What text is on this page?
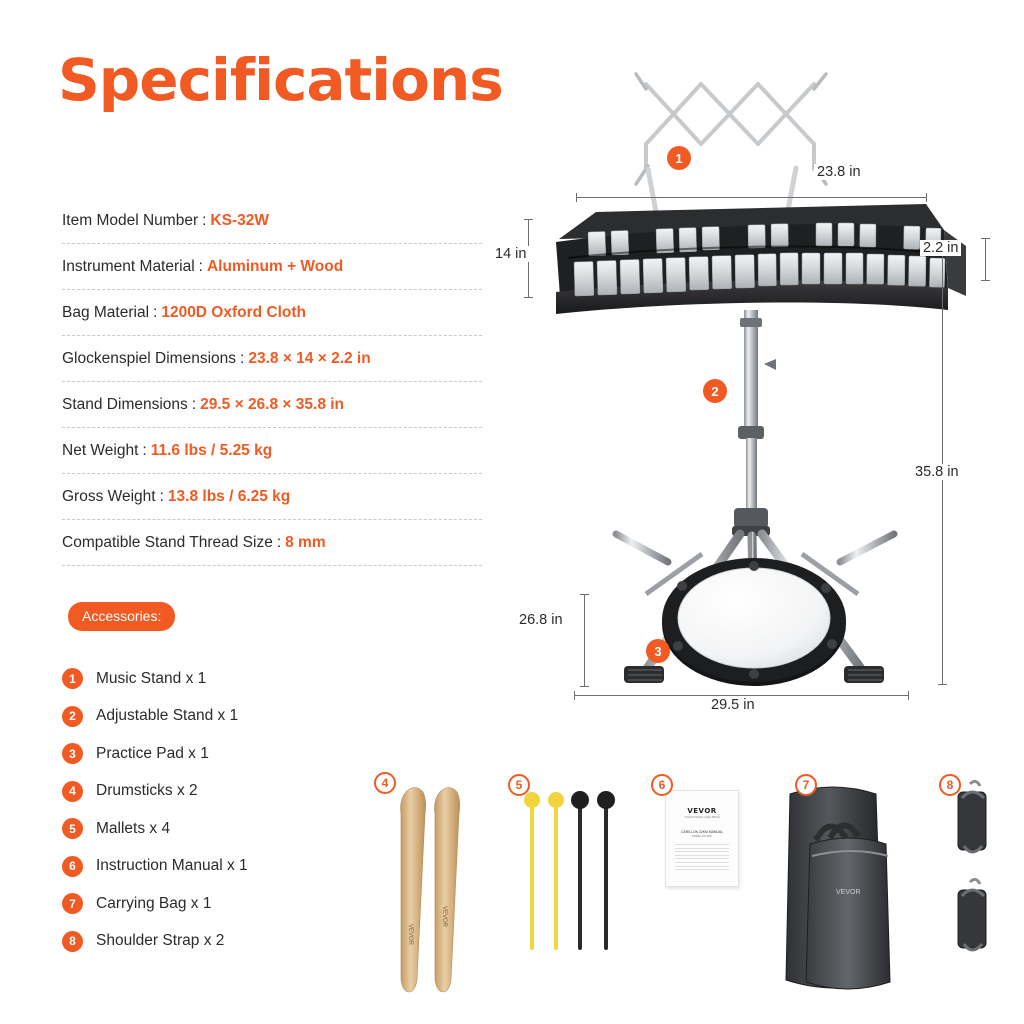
Specifications
Item Model Number : KS-32W
Instrument Material : Aluminum + Wood
Bag Material : 1200D Oxford Cloth
Glockenspiel Dimensions : 23.8 × 14 × 2.2 in
Stand Dimensions : 29.5 × 26.8 × 35.8 in
Net Weight : 11.6 lbs / 5.25 kg
Gross Weight : 13.8 lbs / 6.25 kg
Compatible Stand Thread Size : 8 mm
Accessories:
1	Music Stand x 1
2	Adjustable Stand x 1
3	Practice Pad x 1
4	Drumsticks x 2
5	Mallets x 4
6	Instruction Manual x 1
7	Carrying Bag x 1
8	Shoulder Strap x 2
1
2
3
23.8 in
14 in	2.2 in
35.8 in
26.8 in
29.5 in
VEVOR
VEVOR
4	5	6	7
VEVOR
8
VEVOR
TOUGH TOOLS, HALF PRICE
CARILLON 32KM MANUAL
MODEL KS-32W
